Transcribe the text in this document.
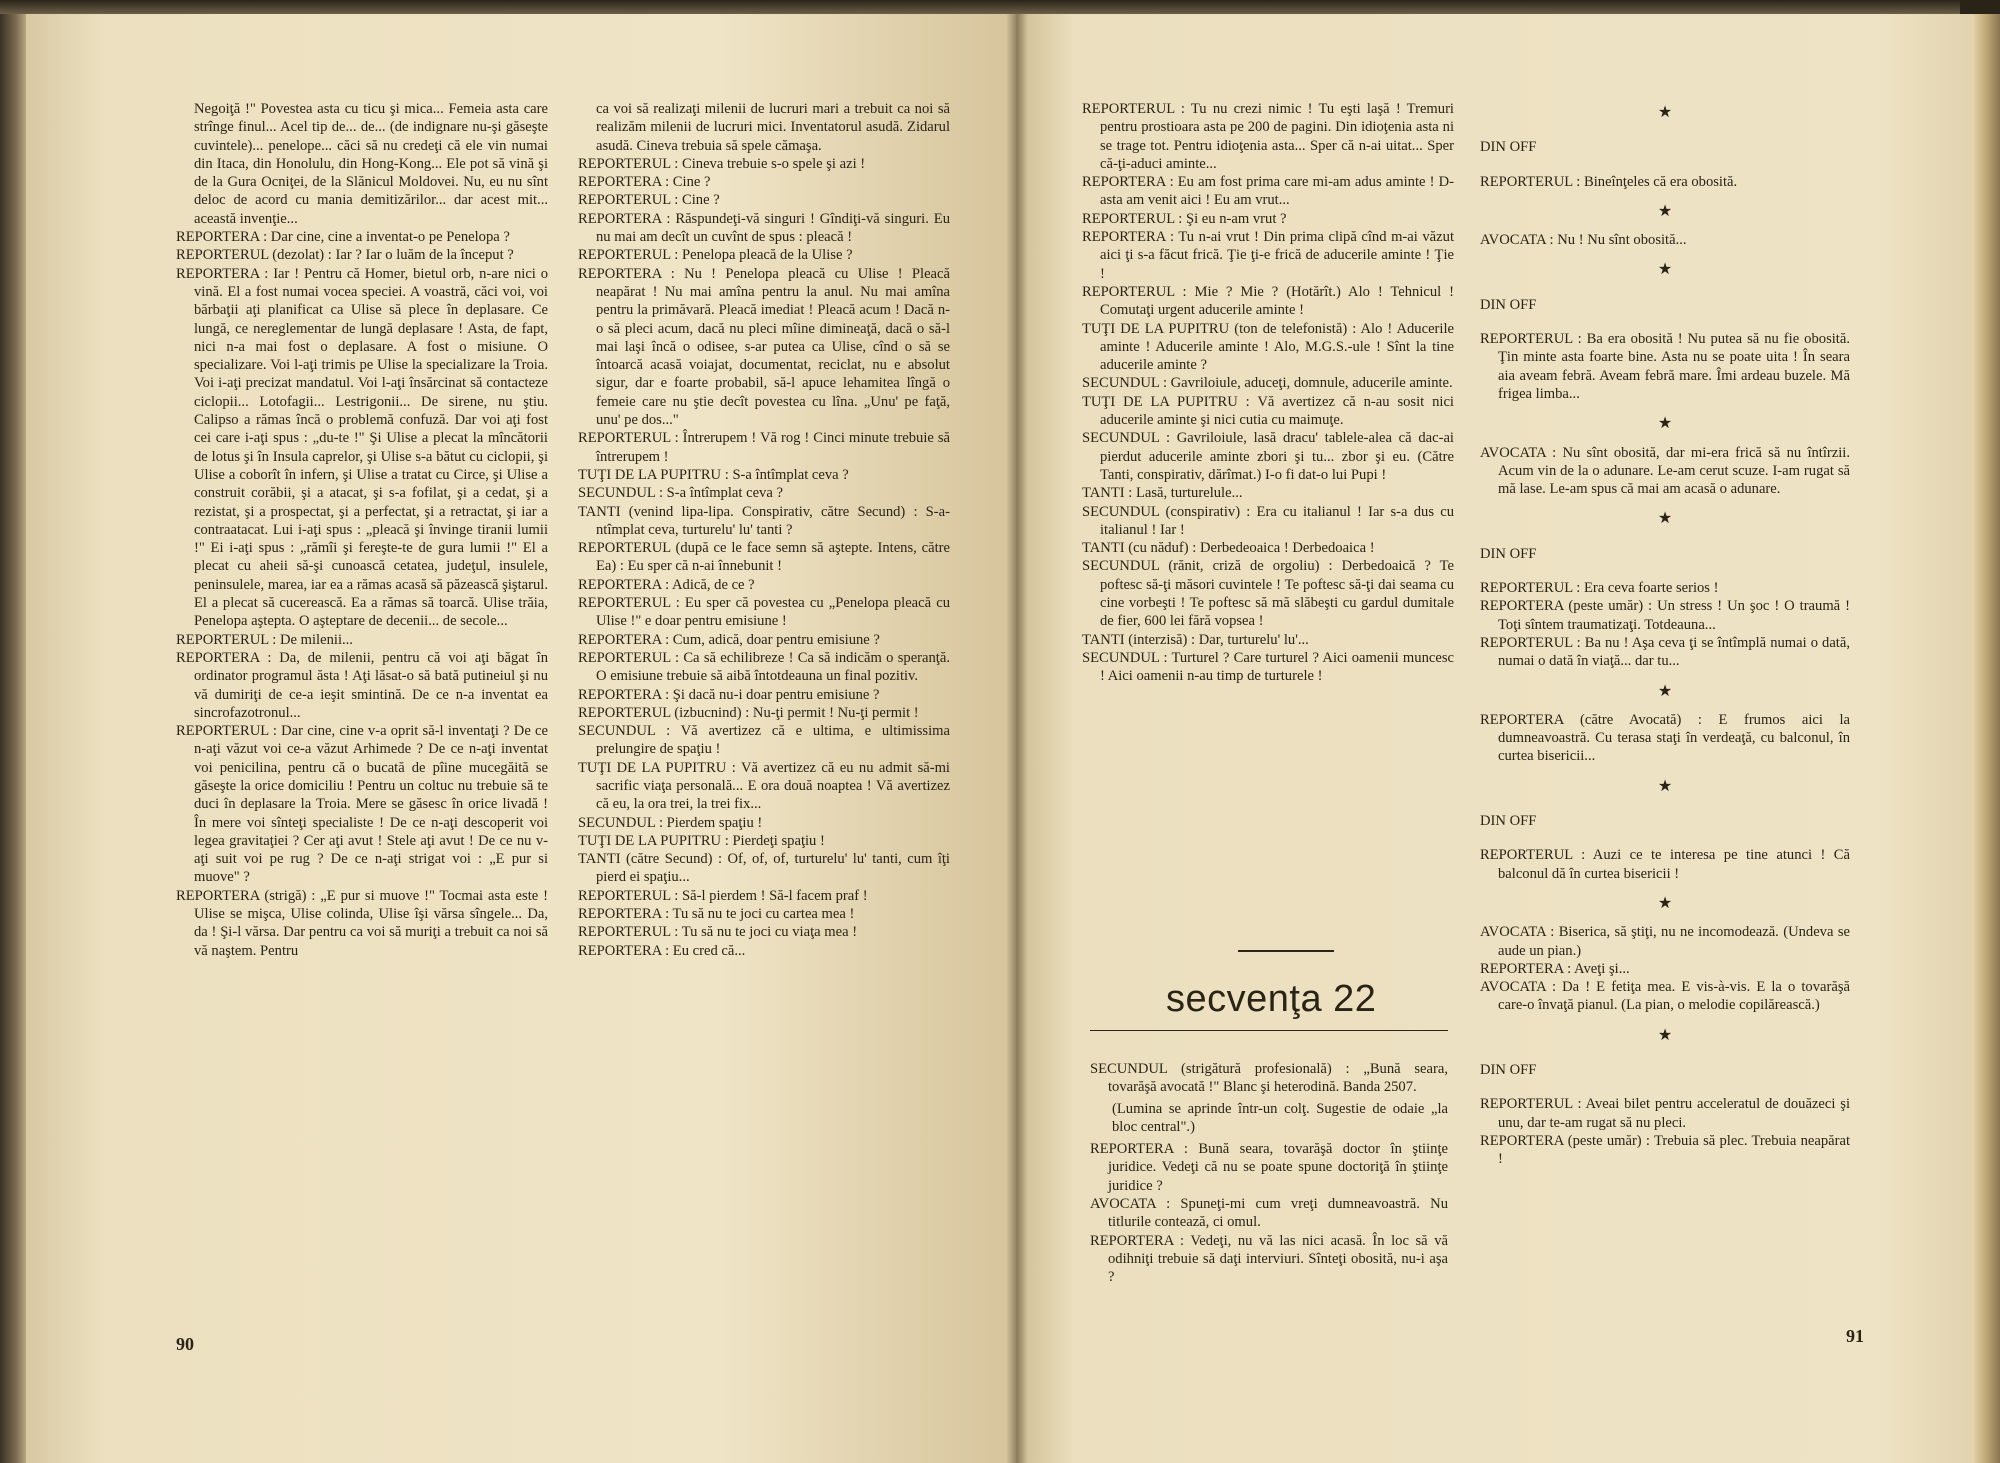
Negoiţă !" Povestea asta cu ticu şi mica... Femeia asta care strînge finul... Acel tip de... de... (de indignare nu-şi găseşte cuvintele)... penelope... căci să nu credeţi că ele vin numai din Itaca, din Honolulu, din Hong-Kong... Ele pot să vină şi de la Gura Ocniţei, de la Slănicul Moldovei. Nu, eu nu sînt deloc de acord cu mania demitizărilor... dar acest mit... această invenţie...

REPORTERA : Dar cine, cine a inventat-o pe Penelopa ?

REPORTERUL (dezolat) : Iar ? Iar o luăm de la început ?

REPORTERA : Iar ! Pentru că Homer, bietul orb, n-are nici o vină. El a fost numai vocea speciei. A voastră, căci voi, voi bărbaţii aţi planificat ca Ulise să plece în deplasare. Ce lungă, ce nereglementar de lungă deplasare ! Asta, de fapt, nici n-a mai fost o deplasare. A fost o misiune. O specializare. Voi l-aţi trimis pe Ulise la specializare la Troia. Voi i-aţi precizat mandatul. Voi l-aţi însărcinat să contacteze ciclopii... Lotofagii... Lestrigonii... De sirene, nu ştiu. Calipso a rămas încă o problemă confuză. Dar voi aţi fost cei care i-aţi spus : „du-te !" Şi Ulise a plecat la mîncătorii de lotus şi în Insula caprelor, şi Ulise s-a bătut cu ciclopii, şi Ulise a coborît în infern, şi Ulise a tratat cu Circe, şi Ulise a construit corăbii, şi a atacat, şi s-a fofilat, şi a cedat, şi a rezistat, şi a prospectat, şi a perfectat, şi a retractat, şi iar a contraatacat. Lui i-aţi spus : „pleacă şi învinge tiranii lumii !" Ei i-aţi spus : „rămîi şi fereşte-te de gura lumii !" El a plecat cu aheii să-şi cunoască cetatea, judeţul, insulele, peninsulele, marea, iar ea a rămas acasă să păzească şiştarul. El a plecat să cucerească. Ea a rămas să toarcă. Ulise trăia, Penelopa aştepta. O aşteptare de decenii... de secole...

REPORTERUL : De milenii...

REPORTERA : Da, de milenii, pentru că voi aţi băgat în ordinator programul ăsta ! Aţi lăsat-o să bată putineiul şi nu vă dumiriţi de ce-a ieşit smintină. De ce n-a inventat ea sincrofazotronul...

REPORTERUL : Dar cine, cine v-a oprit să-l inventaţi ? De ce n-aţi văzut voi ce-a văzut Arhimede ? De ce n-aţi inventat voi penicilina, pentru că o bucată de pîine mucegăită se găseşte la orice domiciliu ! Pentru un coltuc nu trebuie să te duci în deplasare la Troia. Mere se găsesc în orice livadă ! În mere voi sînteţi specialiste ! De ce n-aţi descoperit voi legea gravitaţiei ? Cer aţi avut ! Stele aţi avut ! De ce nu v-aţi suit voi pe rug ? De ce n-aţi strigat voi : „E pur si muove" ?

REPORTERA (strigă) : „E pur si muove !" Tocmai asta este ! Ulise se mişca, Ulise colinda, Ulise îşi vărsa sîngele... Da, da ! Şi-l vărsa. Dar pentru ca voi să muriţi a trebuit ca noi să vă naştem. Pentru

ca voi să realizaţi milenii de lucruri mari a trebuit ca noi să realizăm milenii de lucruri mici. Inventatorul asudă. Zidarul asudă. Cineva trebuia să spele cămaşa.

REPORTERUL : Cineva trebuie s-o spele şi azi !

REPORTERA : Cine ?

REPORTERUL : Cine ?

REPORTERA : Răspundeţi-vă singuri ! Gîndiţi-vă singuri. Eu nu mai am decît un cuvînt de spus : pleacă !

REPORTERUL : Penelopa pleacă de la Ulise ?

REPORTERA : Nu ! Penelopa pleacă cu Ulise ! Pleacă neapărat ! Nu mai amîna pentru la anul. Nu mai amîna pentru la primăvară. Pleacă imediat ! Pleacă acum ! Dacă n-o să pleci acum, dacă nu pleci mîine dimineaţă, dacă o să-l mai laşi încă o odisee, s-ar putea ca Ulise, cînd o să se întoarcă acasă voiajat, documentat, reciclat, nu e absolut sigur, dar e foarte probabil, să-l apuce lehamitea lîngă o femeie care nu ştie decît povestea cu lîna. „Unu' pe faţă, unu' pe dos..."

REPORTERUL : Întrerupem ! Vă rog ! Cinci minute trebuie să întrerupem !

TUŢI DE LA PUPITRU : S-a întîmplat ceva ?

SECUNDUL : S-a întîmplat ceva ?

TANTI (venind lipa-lipa. Conspirativ, către Secund) : S-a-ntîmplat ceva, turturelu' lu' tanti ?

REPORTERUL (după ce le face semn să aştepte. Intens, către Ea) : Eu sper că n-ai înnebunit !

REPORTERA : Adică, de ce ?

REPORTERUL : Eu sper că povestea cu „Penelopa pleacă cu Ulise !" e doar pentru emisiune !

REPORTERA : Cum, adică, doar pentru emisiune ?

REPORTERUL : Ca să echilibreze ! Ca să indicăm o speranţă. O emisiune trebuie să aibă întotdeauna un final pozitiv.

REPORTERA : Şi dacă nu-i doar pentru emisiune ?

REPORTERUL (izbucnind) : Nu-ţi permit ! Nu-ţi permit !

SECUNDUL : Vă avertizez că e ultima, e ultimissima prelungire de spaţiu !

TUŢI DE LA PUPITRU : Vă avertizez că eu nu admit să-mi sacrific viaţa personală... E ora două noaptea ! Vă avertizez că eu, la ora trei, la trei fix...

SECUNDUL : Pierdem spaţiu !

TUŢI DE LA PUPITRU : Pierdeţi spaţiu !

TANTI (către Secund) : Of, of, of, turturelu' lu' tanti, cum îţi pierd ei spaţiu...

REPORTERUL : Să-l pierdem ! Să-l facem praf !

REPORTERA : Tu să nu te joci cu cartea mea !

REPORTERUL : Tu să nu te joci cu viaţa mea !

REPORTERA : Eu cred că...

REPORTERUL : Tu nu crezi nimic ! Tu eşti laşă ! Tremuri pentru prostioara asta pe 200 de pagini. Din idioţenia asta ni se trage tot. Pentru idioţenia asta... Sper că n-ai uitat... Sper că-ţi-aduci aminte...

REPORTERA : Eu am fost prima care mi-am adus aminte ! D-asta am venit aici ! Eu am vrut...

REPORTERUL : Şi eu n-am vrut ?

REPORTERA : Tu n-ai vrut ! Din prima clipă cînd m-ai văzut aici ţi s-a făcut frică. Ţie ţi-e frică de aducerile aminte ! Ţie !

REPORTERUL : Mie ? Mie ? (Hotărît.) Alo ! Tehnicul ! Comutaţi urgent aducerile aminte !

TUŢI DE LA PUPITRU (ton de telefonistă) : Alo ! Aducerile aminte ! Aducerile aminte ! Alo, M.G.S.-ule ! Sînt la tine aducerile aminte ?

SECUNDUL : Gavriloiule, aduceţi, domnule, aducerile aminte.

TUŢI DE LA PUPITRU : Vă avertizez că n-au sosit nici aducerile aminte şi nici cutia cu maimuţe.

SECUNDUL : Gavriloiule, lasă dracu' tablele-alea că dac-ai pierdut aducerile aminte zbori şi tu... zbor şi eu. (Către Tanti, conspirativ, dărîmat.) I-o fi dat-o lui Pupi !

TANTI : Lasă, turturelule...

SECUNDUL (conspirativ) : Era cu italianul ! Iar s-a dus cu italianul ! Iar !

TANTI (cu năduf) : Derbedeoaica ! Derbedoaica !

SECUNDUL (rănit, criză de orgoliu) : Derbedoaică ? Te poftesc să-ţi măsori cuvintele ! Te poftesc să-ţi dai seama cu cine vorbeşti ! Te poftesc să mă slăbeşti cu gardul dumitale de fier, 600 lei fără vopsea !

TANTI (interzisă) : Dar, turturelu' lu'...

SECUNDUL : Turturel ? Care turturel ? Aici oamenii muncesc ! Aici oamenii n-au timp de turturele !

secvenţa 22

SECUNDUL (strigătură profesională) : „Bună seara, tovarăşă avocată !" Blanc şi heterodină. Banda 2507.

(Lumina se aprinde într-un colţ. Sugestie de odaie „la bloc central".)

REPORTERA : Bună seara, tovarăşă doctor în ştiinţe juridice. Vedeţi că nu se poate spune doctoriţă în ştiinţe juridice ?

AVOCATA : Spuneţi-mi cum vreţi dumneavoastră. Nu titlurile contează, ci omul.

REPORTERA : Vedeţi, nu vă las nici acasă. În loc să vă odihniţi trebuie să daţi interviuri. Sînteţi obosită, nu-i aşa ?

★

DIN OFF

REPORTERUL : Bineînţeles că era obosită.

★

AVOCATA : Nu ! Nu sînt obosită...

★

DIN OFF

REPORTERUL : Ba era obosită ! Nu putea să nu fie obosită. Ţin minte asta foarte bine. Asta nu se poate uita ! În seara aia aveam febră. Aveam febră mare. Îmi ardeau buzele. Mă frigea limba...

★

AVOCATA : Nu sînt obosită, dar mi-era frică să nu întîrzii. Acum vin de la o adunare. Le-am cerut scuze. I-am rugat să mă lase. Le-am spus că mai am acasă o adunare.

★

DIN OFF

REPORTERUL : Era ceva foarte serios !

REPORTERA (peste umăr) : Un stress ! Un şoc ! O traumă ! Toţi sîntem traumatizaţi. Totdeauna...

REPORTERUL : Ba nu ! Aşa ceva ţi se întîmplă numai o dată, numai o dată în viaţă... dar tu...

★

REPORTERA (către Avocată) : E frumos aici la dumneavoastră. Cu terasa staţi în verdeaţă, cu balconul, în curtea bisericii...

★

DIN OFF

REPORTERUL : Auzi ce te interesa pe tine atunci ! Că balconul dă în curtea bisericii !

★

AVOCATA : Biserica, să ştiţi, nu ne incomodează. (Undeva se aude un pian.)

REPORTERA : Aveţi şi...

AVOCATA : Da ! E fetiţa mea. E vis-à-vis. E la o tovarăşă care-o învaţă pianul. (La pian, o melodie copilărească.)

★

DIN OFF

REPORTERUL : Aveai bilet pentru acceleratul de douăzeci şi unu, dar te-am rugat să nu pleci.

REPORTERA (peste umăr) : Trebuia să plec. Trebuia neapărat !

90	91
